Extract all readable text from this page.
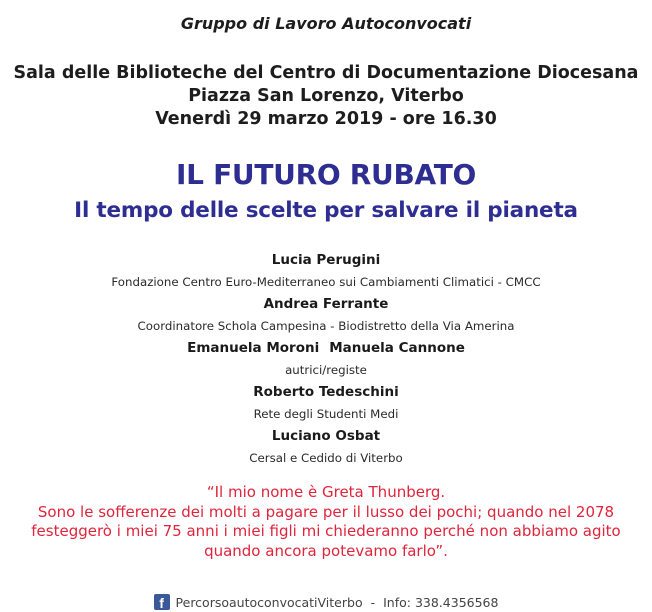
Gruppo di Lavoro Autoconvocati
Sala delle Biblioteche del Centro di Documentazione Diocesana
Piazza San Lorenzo, Viterbo
Venerdì 29 marzo 2019 - ore 16.30
IL FUTURO RUBATO
Il tempo delle scelte per salvare il pianeta
Lucia Perugini
Fondazione Centro Euro-Mediterraneo sui Cambiamenti Climatici - CMCC
Andrea Ferrante
Coordinatore Schola Campesina - Biodistretto della Via Amerina
Emanuela Moroni Manuela Cannone
autrici/registe
Roberto Tedeschini
Rete degli Studenti Medi
Luciano Osbat
Cersal e Cedido di Viterbo
“Il mio nome è Greta Thunberg.
Sono le sofferenze dei molti a pagare per il lusso dei pochi; quando nel 2078
festeggerò i miei 75 anni i miei figli mi chiederanno perché non abbiamo agito
quando ancora potevamo farlo”.
f PercorsoautoconvocatiViterbo - Info: 338.4356568
